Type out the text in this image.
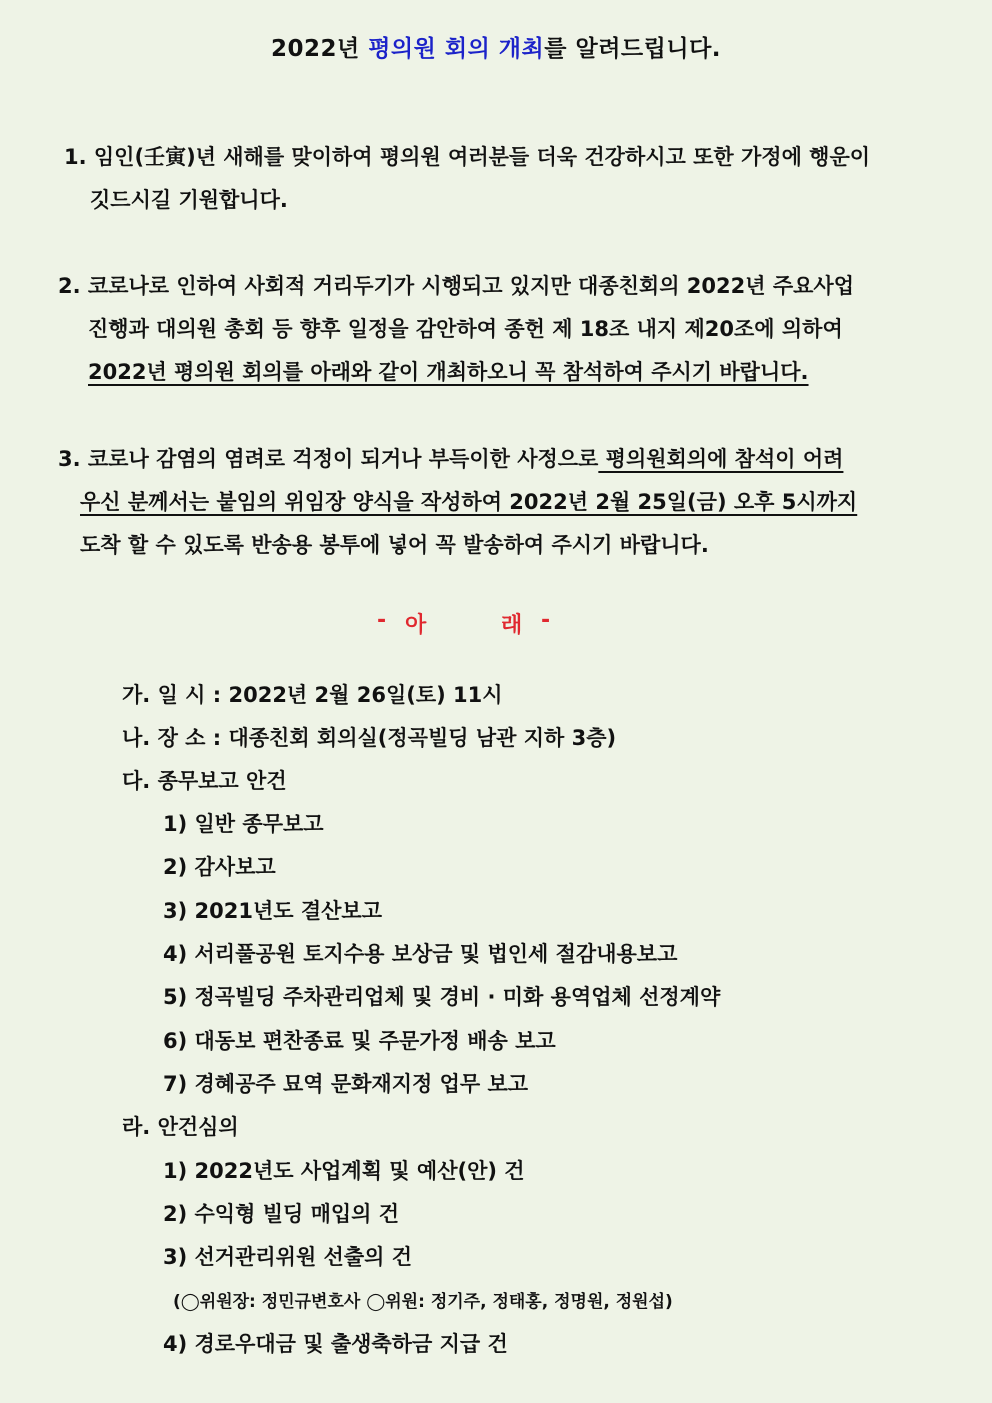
2022년 평의원 회의 개최를 알려드립니다.
1. 임인(壬寅)년 새해를 맞이하여 평의원 여러분들 더욱 건강하시고 또한 가정에 행운이
깃드시길 기원합니다.
2. 코로나로 인하여 사회적 거리두기가 시행되고 있지만 대종친회의 2022년 주요사업
진행과 대의원 총회 등 향후 일정을 감안하여 종헌 제 18조 내지 제20조에 의하여
2022년 평의원 회의를 아래와 같이 개최하오니 꼭 참석하여 주시기 바랍니다.
3. 코로나 감염의 염려로 걱정이 되거나 부득이한 사정으로 평의원회의에 참석이 어려
우신 분께서는 붙임의 위임장 양식을 작성하여 2022년 2월 25일(금) 오후 5시까지
도착 할 수 있도록 반송용 봉투에 넣어 꼭 발송하여 주시기 바랍니다.
- 아	래 -
가. 일 시 : 2022년 2월 26일(토) 11시
나. 장 소 : 대종친회 회의실(정곡빌딩 남관 지하 3층)
다. 종무보고 안건
1) 일반 종무보고
2) 감사보고
3) 2021년도 결산보고
4) 서리풀공원 토지수용 보상금 및 법인세 절감내용보고
5) 정곡빌딩 주차관리업체 및 경비 · 미화 용역업체 선정계약
6) 대동보 편찬종료 및 주문가정 배송 보고
7) 경혜공주 묘역 문화재지정 업무 보고
라. 안건심의
1) 2022년도 사업계획 및 예산(안) 건
2) 수익형 빌딩 매입의 건
3) 선거관리위원 선출의 건
(◯위원장: 정민규변호사 ◯위원: 정기주, 정태홍, 정명원, 정원섭)
4) 경로우대금 및 출생축하금 지급 건
